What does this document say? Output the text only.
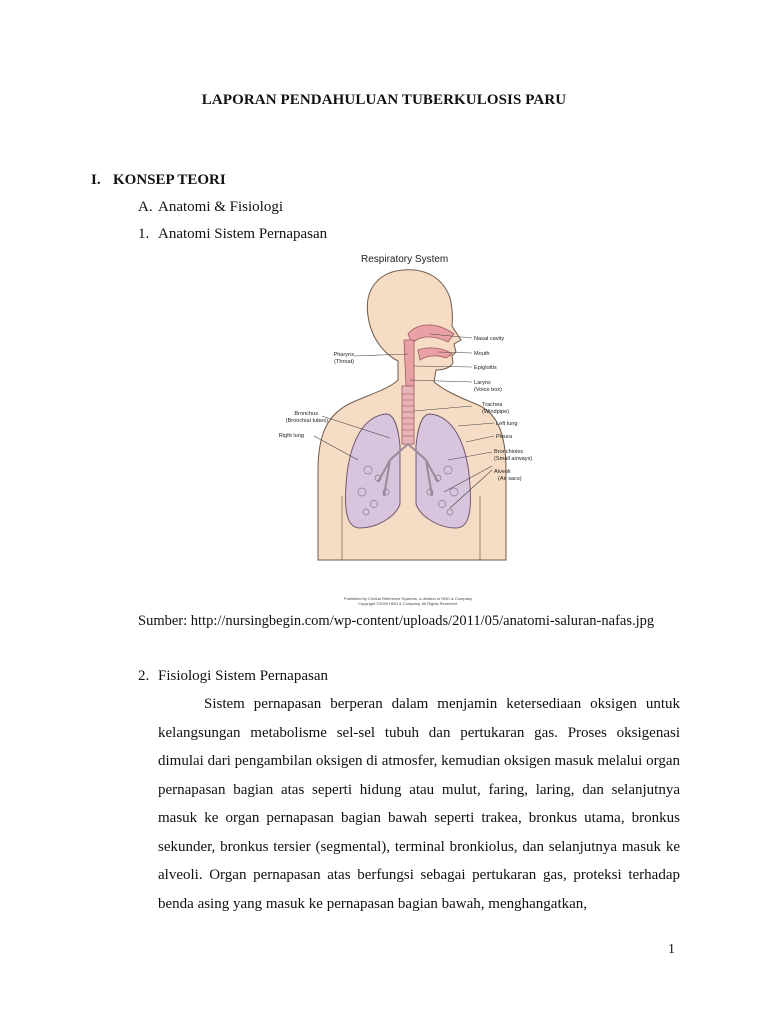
LAPORAN PENDAHULUAN TUBERKULOSIS PARU
I. KONSEP TEORI
A. Anatomi & Fisiologi
1. Anatomi Sistem Pernapasan
Respiratory System
Nasal cavity
Mouth
Epiglottis
Larynx
(Voice box)
Trachea
(Windpipe)
Left lung
Pleura
Bronchioles
(Small airways)
Alveoli
(Air sacs)
Pharynx
(Throat)
Bronchus
(Bronchial tubes)
Right lung
Published by Clinical Reference Systems, a division of HBO & Company
Copyright ©2000 HBO & Company. All Rights Reserved.
Sumber: http://nursingbegin.com/wp-content/uploads/2011/05/anatomi-saluran-nafas.jpg
2. Fisiologi Sistem Pernapasan
Sistem pernapasan berperan dalam menjamin ketersediaan oksigen untuk kelangsungan metabolisme sel-sel tubuh dan pertukaran gas. Proses oksigenasi dimulai dari pengambilan oksigen di atmosfer, kemudian oksigen masuk melalui organ pernapasan bagian atas seperti hidung atau mulut, faring, laring, dan selanjutnya masuk ke organ pernapasan bagian bawah seperti trakea, bronkus utama, bronkus sekunder, bronkus tersier (segmental), terminal bronkiolus, dan selanjutnya masuk ke alveoli. Organ pernapasan atas berfungsi sebagai pertukaran gas, proteksi terhadap benda asing yang masuk ke pernapasan bagian bawah, menghangatkan,
1
